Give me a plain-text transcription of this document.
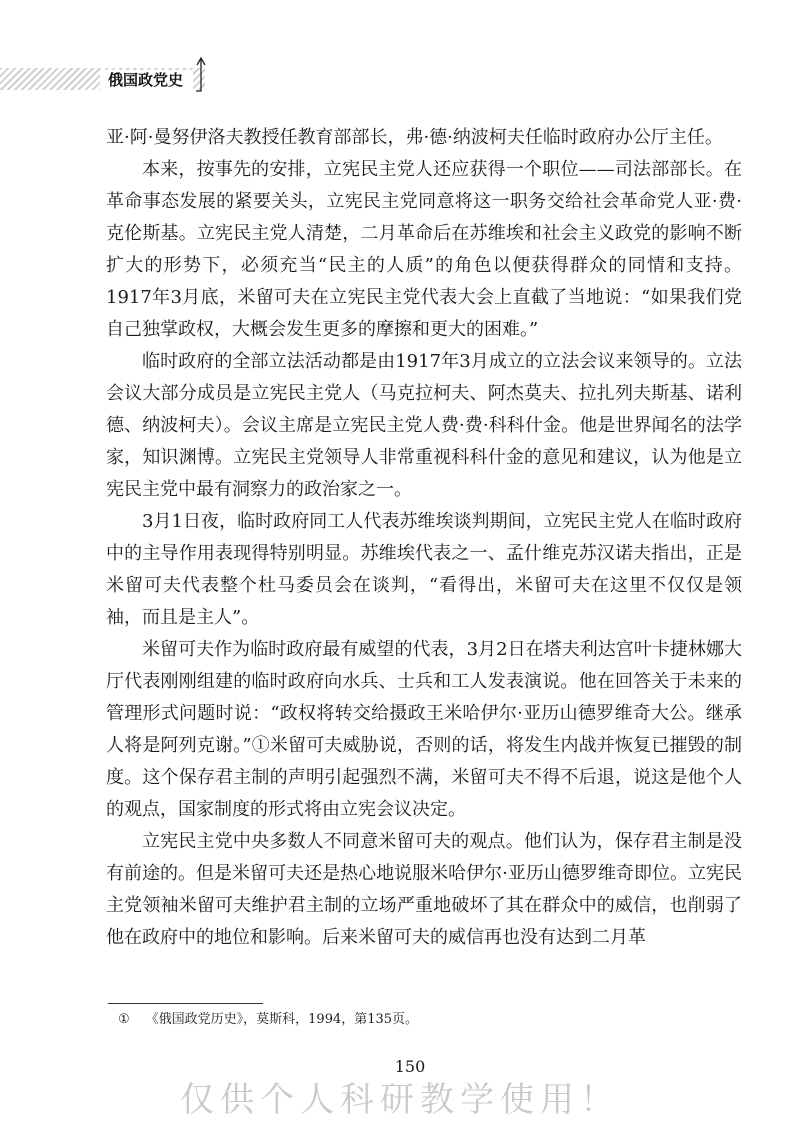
俄国政党史

亚·阿·曼努伊洛夫教授任教育部部长，弗·德·纳波柯夫任临时政府办公厅主任。

本来，按事先的安排，立宪民主党人还应获得一个职位——司法部部长。在革命事态发展的紧要关头，立宪民主党同意将这一职务交给社会革命党人亚·费·克伦斯基。立宪民主党人清楚，二月革命后在苏维埃和社会主义政党的影响不断扩大的形势下，必须充当“民主的人质”的角色以便获得群众的同情和支持。1917年3月底，米留可夫在立宪民主党代表大会上直截了当地说：“如果我们党自己独掌政权，大概会发生更多的摩擦和更大的困难。”

临时政府的全部立法活动都是由1917年3月成立的立法会议来领导的。立法会议大部分成员是立宪民主党人（马克拉柯夫、阿杰莫夫、拉扎列夫斯基、诺利德、纳波柯夫）。会议主席是立宪民主党人费·费·科科什金。他是世界闻名的法学家，知识渊博。立宪民主党领导人非常重视科科什金的意见和建议，认为他是立宪民主党中最有洞察力的政治家之一。

3月1日夜，临时政府同工人代表苏维埃谈判期间，立宪民主党人在临时政府中的主导作用表现得特别明显。苏维埃代表之一、孟什维克苏汉诺夫指出，正是米留可夫代表整个杜马委员会在谈判，“看得出，米留可夫在这里不仅仅是领袖，而且是主人”。

米留可夫作为临时政府最有威望的代表，3月2日在塔夫利达宫叶卡捷林娜大厅代表刚刚组建的临时政府向水兵、士兵和工人发表演说。他在回答关于未来的管理形式问题时说：“政权将转交给摄政王米哈伊尔·亚历山德罗维奇大公。继承人将是阿列克谢。”①米留可夫威胁说，否则的话，将发生内战并恢复已摧毁的制度。这个保存君主制的声明引起强烈不满，米留可夫不得不后退，说这是他个人的观点，国家制度的形式将由立宪会议决定。

立宪民主党中央多数人不同意米留可夫的观点。他们认为，保存君主制是没有前途的。但是米留可夫还是热心地说服米哈伊尔·亚历山德罗维奇即位。立宪民主党领袖米留可夫维护君主制的立场严重地破坏了其在群众中的威信，也削弱了他在政府中的地位和影响。后来米留可夫的威信再也没有达到二月革

① 《俄国政党历史》，莫斯科，1994，第135页。
150
仅供个人科研教学使用！
